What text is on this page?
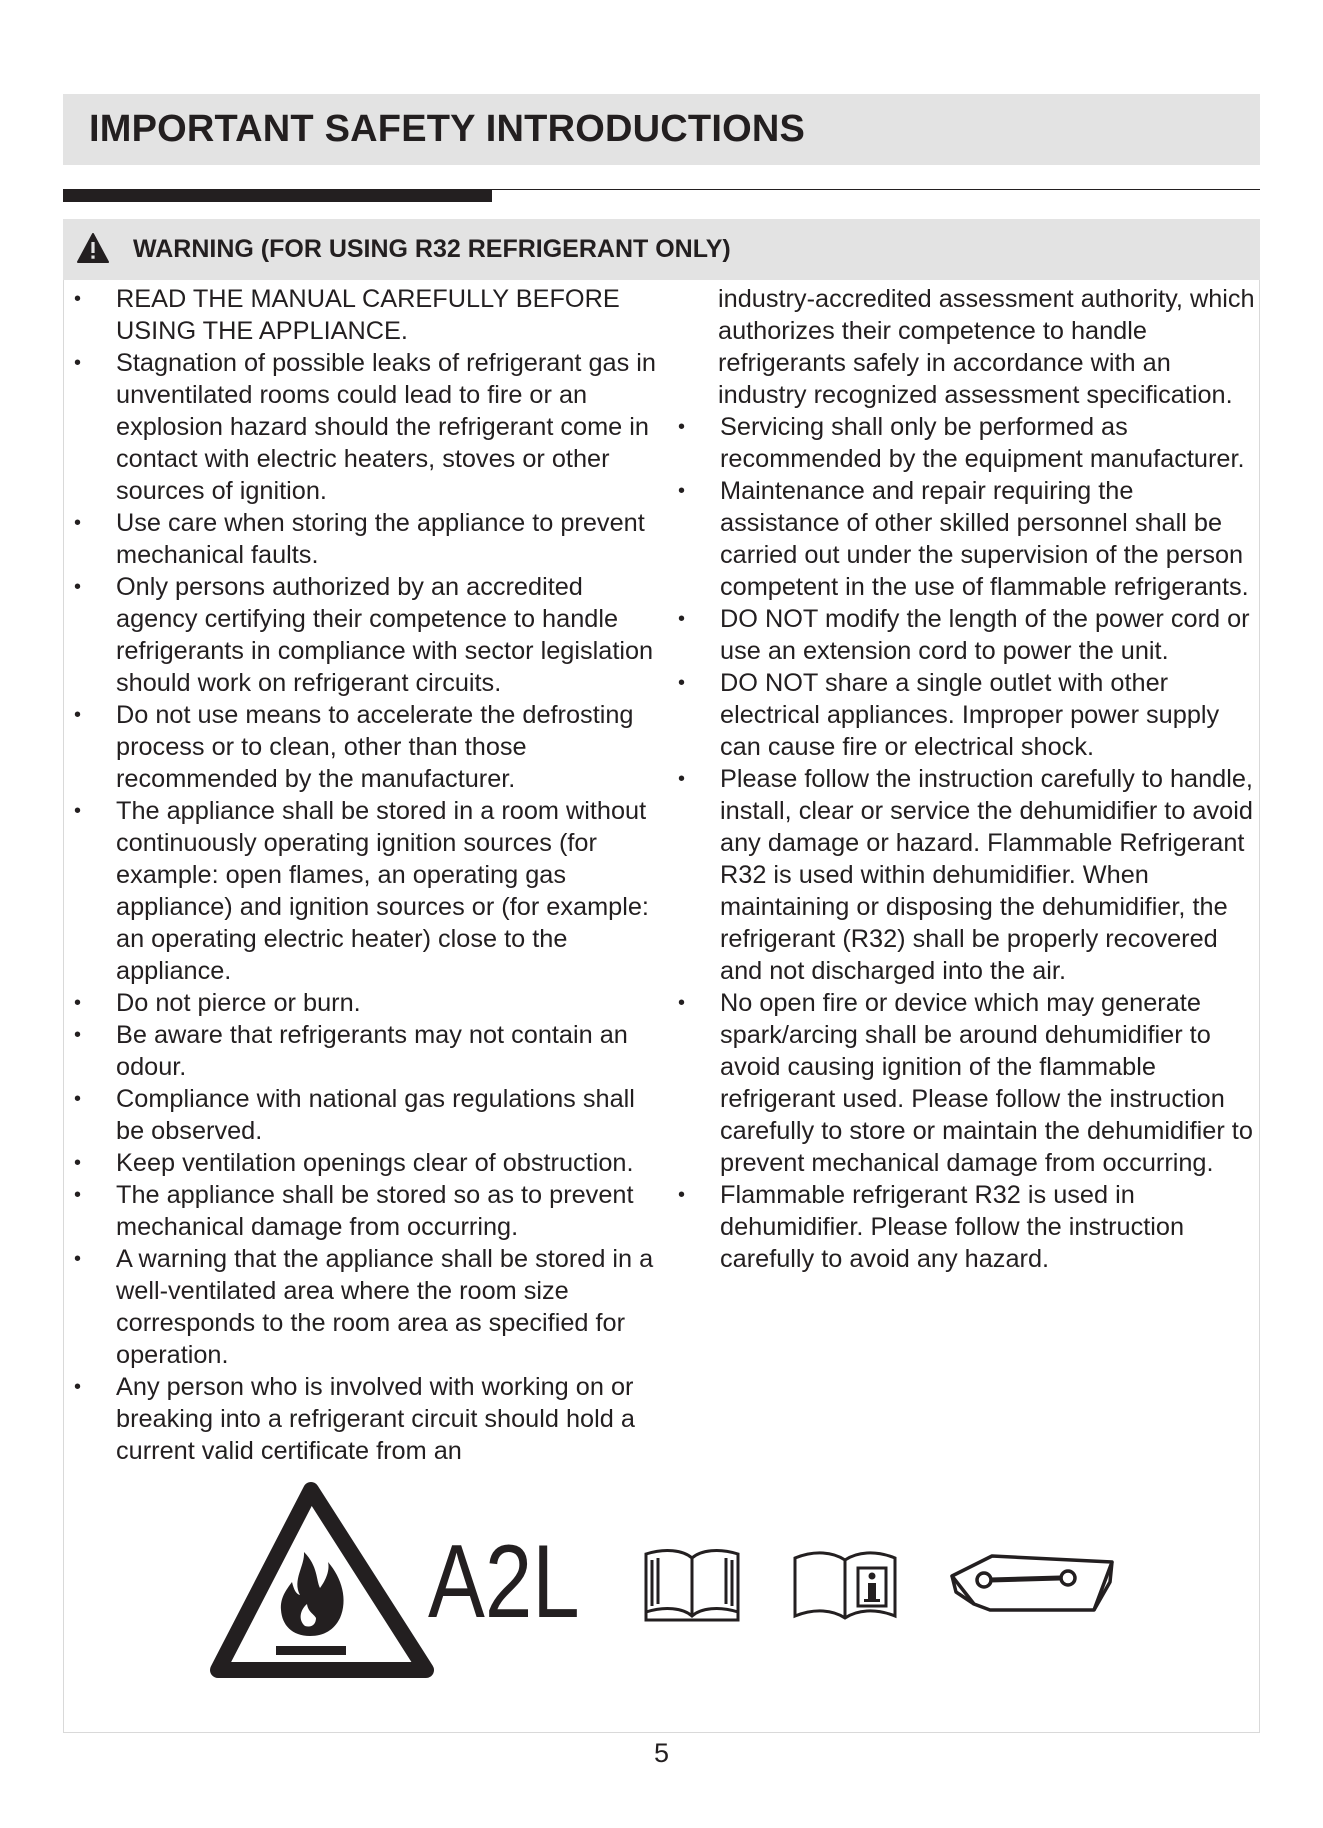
IMPORTANT SAFETY INTRODUCTIONS
WARNING (FOR USING R32 REFRIGERANT ONLY)
• READ THE MANUAL CAREFULLY BEFORE USING THE APPLIANCE.
• Stagnation of possible leaks of refrigerant gas in unventilated rooms could lead to fire or an explosion hazard should the refrigerant come in contact with electric heaters, stoves or other sources of ignition.
• Use care when storing the appliance to prevent mechanical faults.
• Only persons authorized by an accredited agency certifying their competence to handle refrigerants in compliance with sector legislation should work on refrigerant circuits.
• Do not use means to accelerate the defrosting process or to clean, other than those recommended by the manufacturer.
• The appliance shall be stored in a room without continuously operating ignition sources (for example: open flames, an operating gas appliance) and ignition sources or (for example: an operating electric heater) close to the appliance.
• Do not pierce or burn.
• Be aware that refrigerants may not contain an odour.
• Compliance with national gas regulations shall be observed.
• Keep ventilation openings clear of obstruction.
• The appliance shall be stored so as to prevent mechanical damage from occurring.
• A warning that the appliance shall be stored in a well-ventilated area where the room size corresponds to the room area as specified for operation.
• Any person who is involved with working on or breaking into a refrigerant circuit should hold a current valid certificate from an
industry-accredited assessment authority, which authorizes their competence to handle refrigerants safely in accordance with an industry recognized assessment specification.
• Servicing shall only be performed as recommended by the equipment manufacturer.
• Maintenance and repair requiring the assistance of other skilled personnel shall be carried out under the supervision of the person competent in the use of flammable refrigerants.
• DO NOT modify the length of the power cord or use an extension cord to power the unit.
• DO NOT share a single outlet with other electrical appliances. Improper power supply can cause fire or electrical shock.
• Please follow the instruction carefully to handle, install, clear or service the dehumidifier to avoid any damage or hazard. Flammable Refrigerant R32 is used within dehumidifier. When maintaining or disposing the dehumidifier, the refrigerant (R32) shall be properly recovered and not discharged into the air.
• No open fire or device which may generate spark/arcing shall be around dehumidifier to avoid causing ignition of the flammable refrigerant used. Please follow the instruction carefully to store or maintain the dehumidifier to prevent mechanical damage from occurring.
• Flammable refrigerant R32 is used in dehumidifier. Please follow the instruction carefully to avoid any hazard.
A2L
5
